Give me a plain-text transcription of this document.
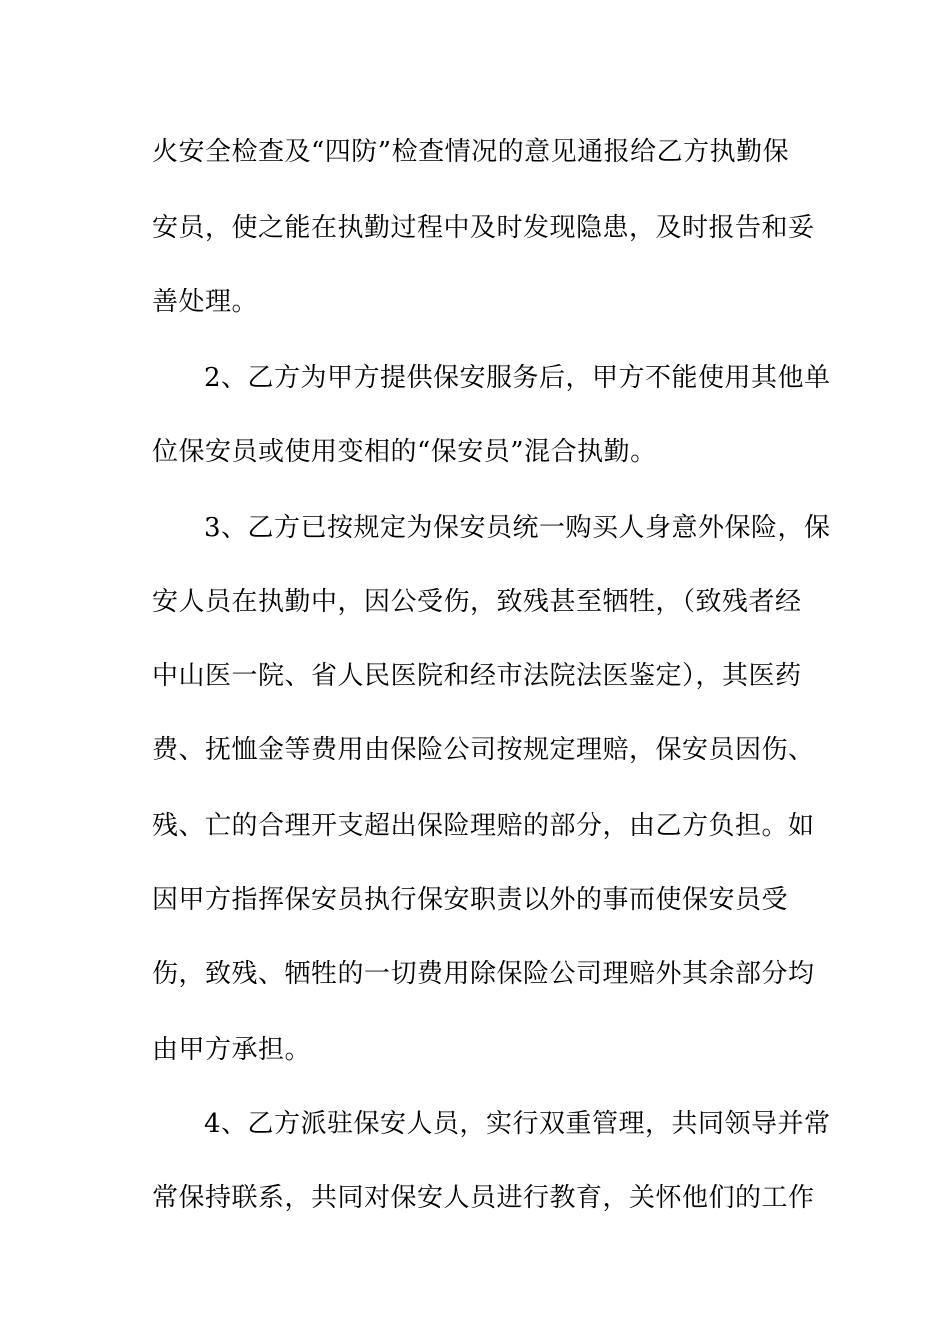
火安全检查及“四防”检查情况的意见通报给乙方执勤保
安员，使之能在执勤过程中及时发现隐患，及时报告和妥
善处理。
2、乙方为甲方提供保安服务后，甲方不能使用其他单
位保安员或使用变相的“保安员”混合执勤。
3、乙方已按规定为保安员统一购买人身意外保险，保
安人员在执勤中，因公受伤，致残甚至牺牲，（致残者经
中山医一院、省人民医院和经市法院法医鉴定），其医药
费、抚恤金等费用由保险公司按规定理赔，保安员因伤、
残、亡的合理开支超出保险理赔的部分，由乙方负担。如
因甲方指挥保安员执行保安职责以外的事而使保安员受
伤，致残、牺牲的一切费用除保险公司理赔外其余部分均
由甲方承担。
4、乙方派驻保安人员，实行双重管理，共同领导并常
常保持联系，共同对保安人员进行教育，关怀他们的工作
